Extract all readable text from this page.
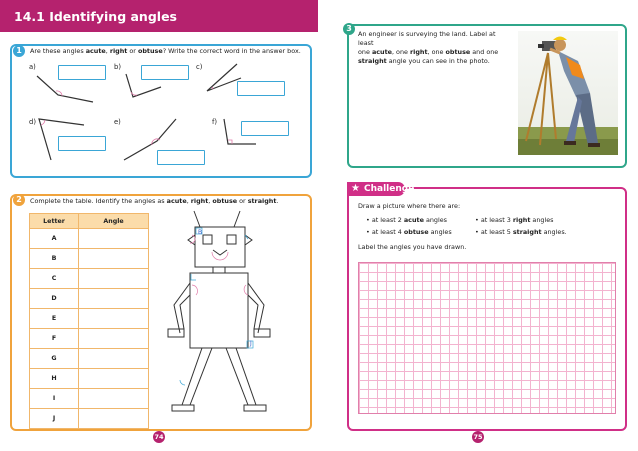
14.1 Identifying angles
1	Are these angles acute, right or obtuse? Write the correct word in the answer box.
a)	b)	c)
d)	e)	f)
2	Complete the table. Identify the angles as acute, right, obtuse or straight.
Letter	Angle
A	
B	
C	
D	
E	
F	
G	
H	
I	
J	
B
J
74
3
An engineer is surveying the land. Label at least
one acute, one right, one obtuse and one
straight angle you can see in the photo.
★ Challenge
Draw a picture where there are:
• at least 2 acute angles	• at least 3 right angles
• at least 4 obtuse angles	• at least 5 straight angles.
Label the angles you have drawn.
75
